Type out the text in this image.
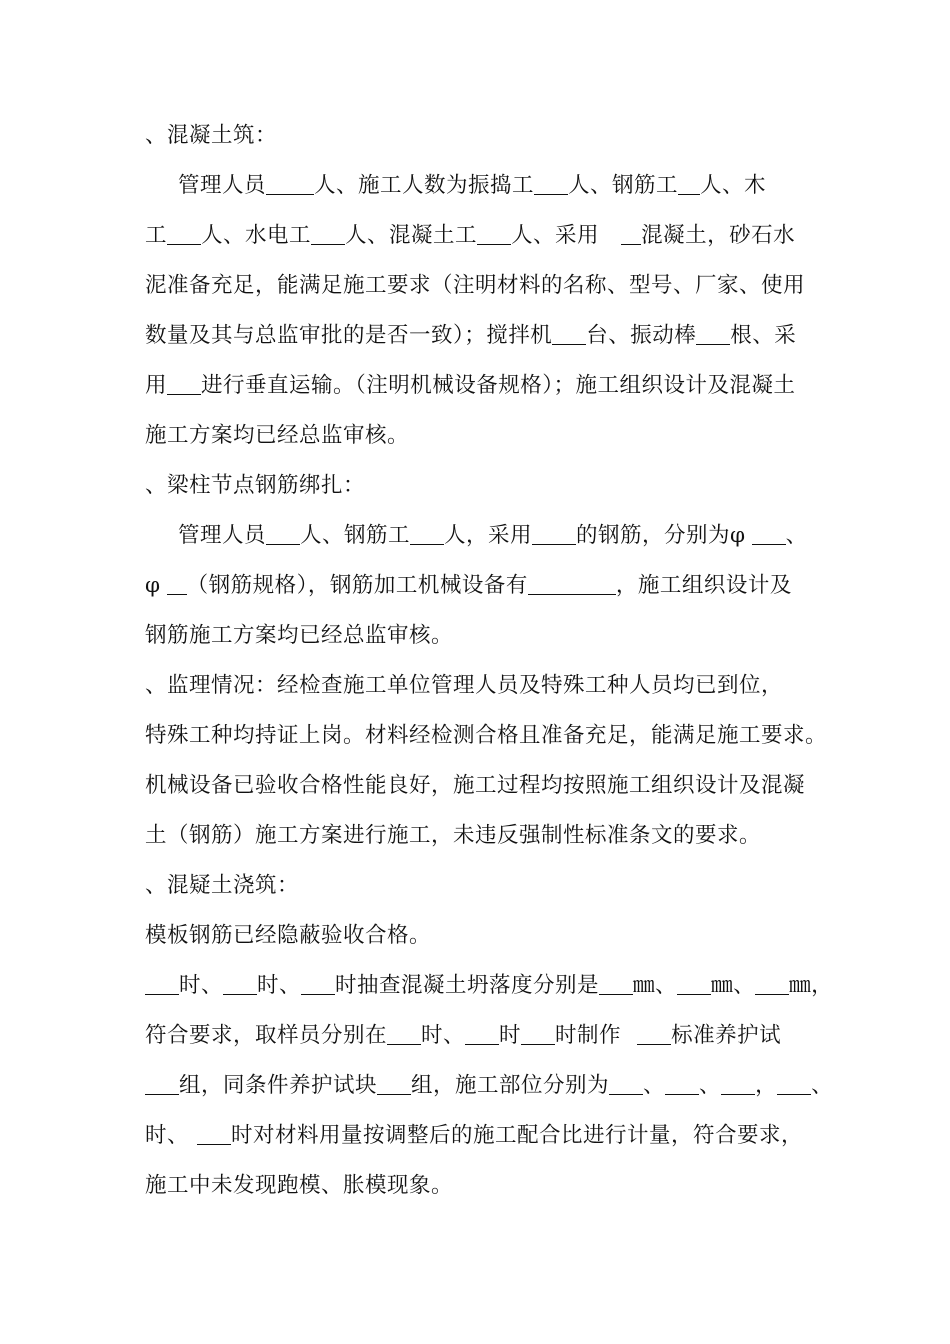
、混凝土筑：
管理人员 人、施工人数为振捣工 人、钢筋工 人、木
工 人、水电工 人、混凝土工 人、采用 混凝土，砂石水
泥准备充足，能满足施工要求（注明材料的名称、型号、厂家、使用
数量及其与总监审批的是否一致）；搅拌机 台、振动棒 根、采
用 进行垂直运输。（注明机械设备规格）；施工组织设计及混凝土
施工方案均已经总监审核。
、梁柱节点钢筋绑扎：
管理人员 人、钢筋工 人，采用 的钢筋，分别为φ 、
φ （钢筋规格），钢筋加工机械设备有	，施工组织设计及
钢筋施工方案均已经总监审核。
、监理情况：经检查施工单位管理人员及特殊工种人员均已到位，
特殊工种均持证上岗。材料经检测合格且准备充足，能满足施工要求。
机械设备已验收合格性能良好，施工过程均按照施工组织设计及混凝
土（钢筋）施工方案进行施工，未违反强制性标准条文的要求。
、混疑土浇筑：
模板钢筋已经隐蔽验收合格。
时、 时、 时抽查混凝土坍落度分别是 ㎜、 ㎜、 ㎜，
符合要求，取样员分别在 时、 时 时制作 标准养护试
组，同条件养护试块 组，施工部位分别为 、 、 ， 、
时、 时对材料用量按调整后的施工配合比进行计量，符合要求，
施工中未发现跑模、胀模现象。
